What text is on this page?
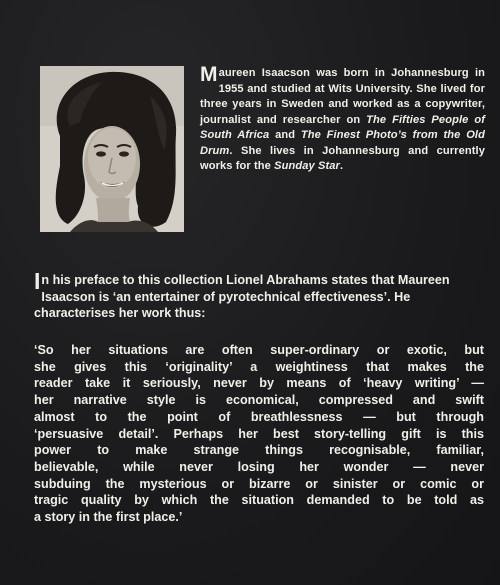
Maureen Isaacson was born in Johannesburg in 1955 and studied at Wits University. She lived for three years in Sweden and worked as a copywriter, journalist and researcher on The Fifties People of South Africa and The Finest Photo’s from the Old Drum. She lives in Johannesburg and currently works for the Sunday Star.

In his preface to this collection Lionel Abrahams states that Maureen Isaacson is ‘an entertainer of pyrotechnical effectiveness’. He characterises her work thus:

‘So her situations are often super-ordinary or exotic, but
she gives this ‘originality’ a weightiness that makes the
reader take it seriously, never by means of ‘heavy writing’ —
her narrative style is economical, compressed and swift
almost to the point of breathlessness — but through
‘persuasive detail’. Perhaps her best story-telling gift is this
power to make strange things recognisable, familiar,
believable, while never losing her wonder — never
subduing the mysterious or bizarre or sinister or comic or
tragic quality by which the situation demanded to be told as
a story in the first place.’
